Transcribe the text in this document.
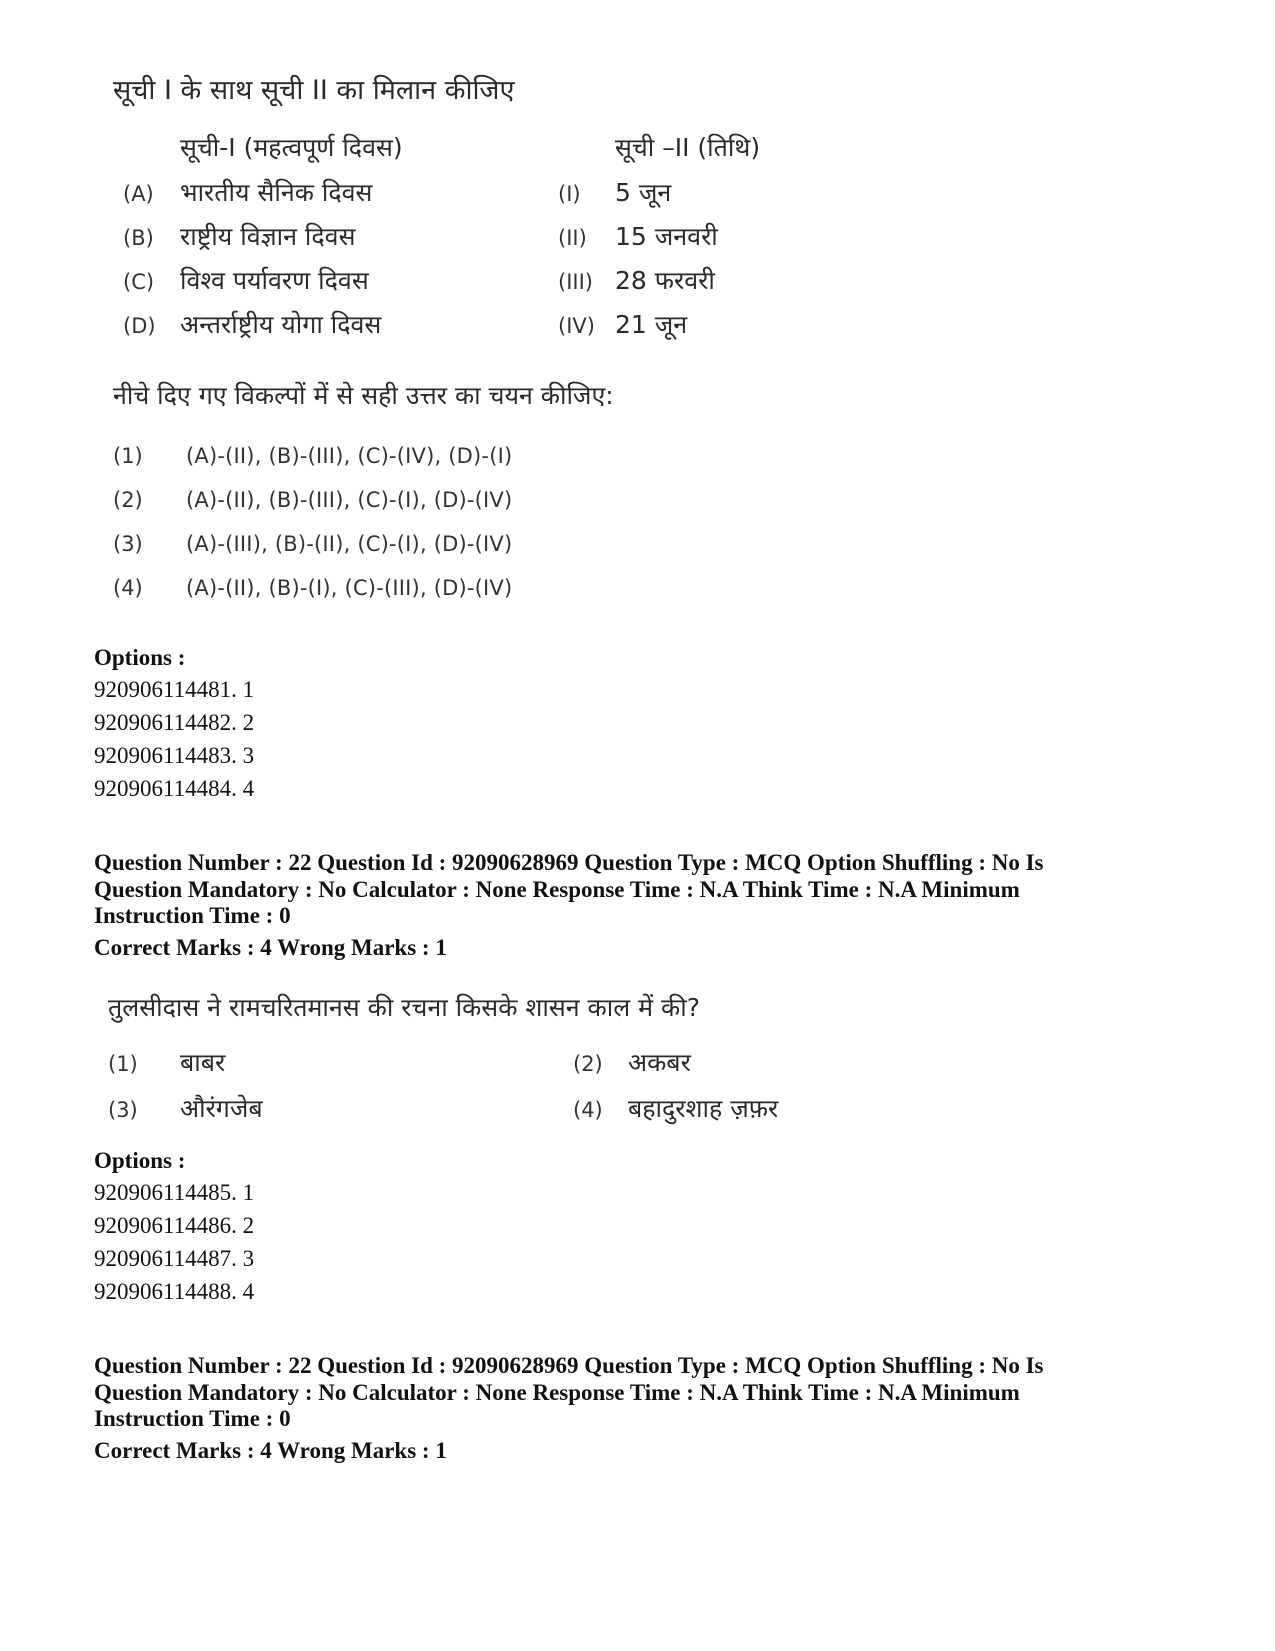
सूची I के साथ सूची II का मिलान कीजिए
सूची-I (महत्वपूर्ण दिवस)	सूची –II (तिथि)
(A) भारतीय सैनिक दिवस	(I) 5 जून
(B) राष्ट्रीय विज्ञान दिवस	(II) 15 जनवरी
(C) विश्व पर्यावरण दिवस	(III) 28 फरवरी
(D) अन्तर्राष्ट्रीय योगा दिवस	(IV) 21 जून
नीचे दिए गए विकल्पों में से सही उत्तर का चयन कीजिए:
(1) (A)-(II), (B)-(III), (C)-(IV), (D)-(I)
(2) (A)-(II), (B)-(III), (C)-(I), (D)-(IV)
(3) (A)-(III), (B)-(II), (C)-(I), (D)-(IV)
(4) (A)-(II), (B)-(I), (C)-(III), (D)-(IV)
Options :
920906114481. 1
920906114482. 2
920906114483. 3
920906114484. 4
Question Number : 22 Question Id : 92090628969 Question Type : MCQ Option Shuffling : No Is
Question Mandatory : No Calculator : None Response Time : N.A Think Time : N.A Minimum
Instruction Time : 0
Correct Marks : 4 Wrong Marks : 1
तुलसीदास ने रामचरितमानस की रचना किसके शासन काल में की?
(1) बाबर	(2) अकबर
(3) औरंगजेब	(4) बहादुरशाह ज़फ़र
Options :
920906114485. 1
920906114486. 2
920906114487. 3
920906114488. 4
Question Number : 22 Question Id : 92090628969 Question Type : MCQ Option Shuffling : No Is
Question Mandatory : No Calculator : None Response Time : N.A Think Time : N.A Minimum
Instruction Time : 0
Correct Marks : 4 Wrong Marks : 1
